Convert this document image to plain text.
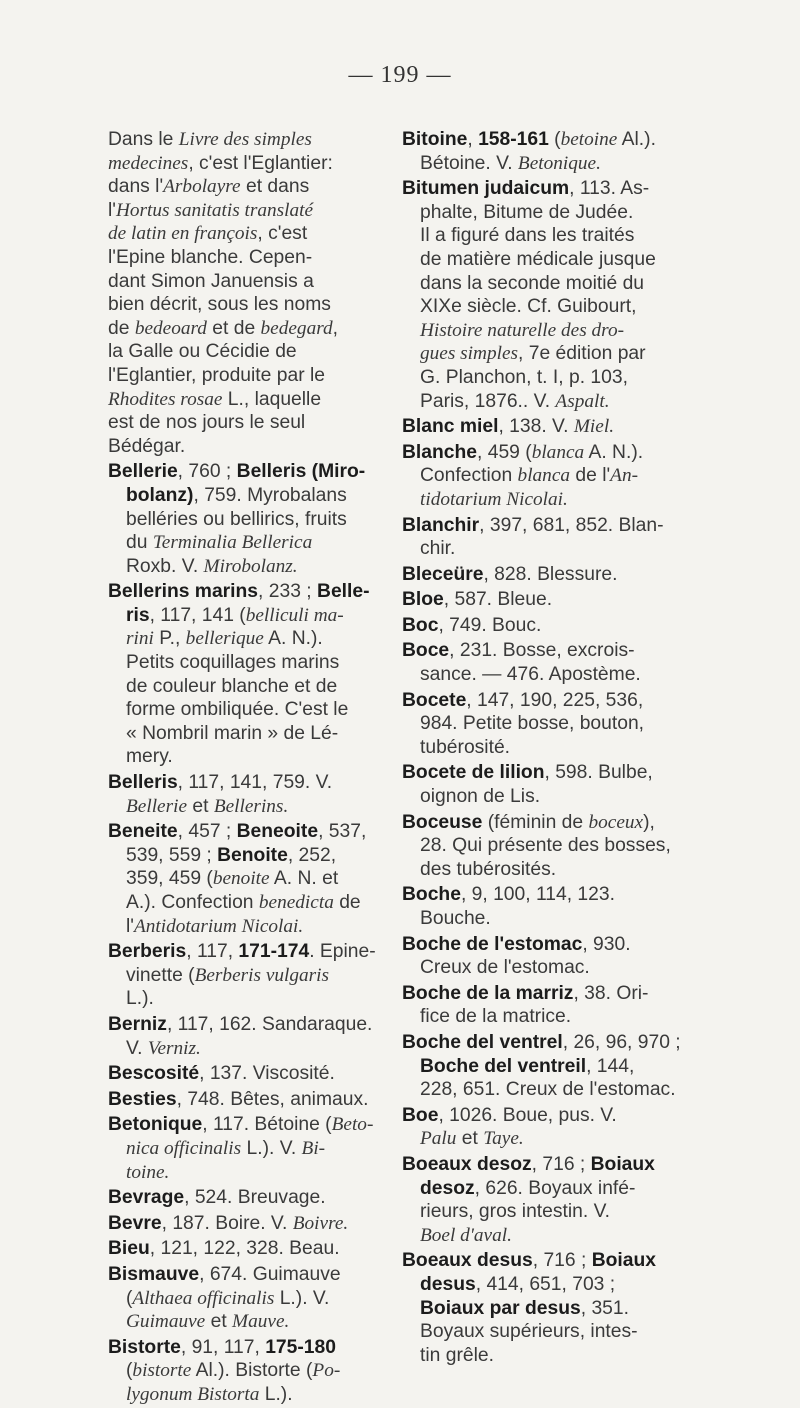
— 199 —
Dans le Livre des simples
medecines, c'est l'Eglantier:
dans l'Arbolayre et dans
l'Hortus sanitatis translaté
de latin en françois, c'est
l'Epine blanche. Cepen-
dant Simon Januensis a
bien décrit, sous les noms
de bedeoard et de bedegard,
la Galle ou Cécidie de
l'Eglantier, produite par le
Rhodites rosae L., laquelle
est de nos jours le seul
Bédégar.
Bellerie, 760 ; Belleris (Miro-
bolanz), 759. Myrobalans
belléries ou bellirics, fruits
du Terminalia Bellerica
Roxb. V. Mirobolanz.
Bellerins marins, 233 ; Belle-
ris, 117, 141 (belliculi ma-
rini P., bellerique A. N.).
Petits coquillages marins
de couleur blanche et de
forme ombiliquée. C'est le
« Nombril marin » de Lé-
mery.
Belleris, 117, 141, 759. V.
Bellerie et Bellerins.
Beneite, 457 ; Beneoite, 537,
539, 559 ; Benoite, 252,
359, 459 (benoite A. N. et
A.). Confection benedicta de
l'Antidotarium Nicolai.
Berberis, 117, 171-174. Epine-
vinette (Berberis vulgaris
L.).
Berniz, 117, 162. Sandaraque.
V. Verniz.
Bescosité, 137. Viscosité.
Besties, 748. Bêtes, animaux.
Betonique, 117. Bétoine (Beto-
nica officinalis L.). V. Bi-
toine.
Bevrage, 524. Breuvage.
Bevre, 187. Boire. V. Boivre.
Bieu, 121, 122, 328. Beau.
Bismauve, 674. Guimauve
(Althaea officinalis L.). V.
Guimauve et Mauve.
Bistorte, 91, 117, 175-180
(bistorte Al.). Bistorte (Po-
lygonum Bistorta L.).
Bitoine, 158-161 (betoine Al.).
Bétoine. V. Betonique.
Bitumen judaicum, 113. As-
phalte, Bitume de Judée.
Il a figuré dans les traités
de matière médicale jusque
dans la seconde moitié du
XIXe siècle. Cf. Guibourt,
Histoire naturelle des dro-
gues simples, 7e édition par
G. Planchon, t. I, p. 103,
Paris, 1876.. V. Aspalt.
Blanc miel, 138. V. Miel.
Blanche, 459 (blanca A. N.).
Confection blanca de l'An-
tidotarium Nicolai.
Blanchir, 397, 681, 852. Blan-
chir.
Bleceüre, 828. Blessure.
Bloe, 587. Bleue.
Boc, 749. Bouc.
Boce, 231. Bosse, excrois-
sance. — 476. Apostème.
Bocete, 147, 190, 225, 536,
984. Petite bosse, bouton,
tubérosité.
Bocete de lilion, 598. Bulbe,
oignon de Lis.
Boceuse (féminin de boceux),
28. Qui présente des bosses,
des tubérosités.
Boche, 9, 100, 114, 123.
Bouche.
Boche de l'estomac, 930.
Creux de l'estomac.
Boche de la marriz, 38. Ori-
fice de la matrice.
Boche del ventrel, 26, 96, 970 ;
Boche del ventreil, 144,
228, 651. Creux de l'estomac.
Boe, 1026. Boue, pus. V.
Palu et Taye.
Boeaux desoz, 716 ; Boiaux
desoz, 626. Boyaux infé-
rieurs, gros intestin. V.
Boel d'aval.
Boeaux desus, 716 ; Boiaux
desus, 414, 651, 703 ;
Boiaux par desus, 351.
Boyaux supérieurs, intes-
tin grêle.
